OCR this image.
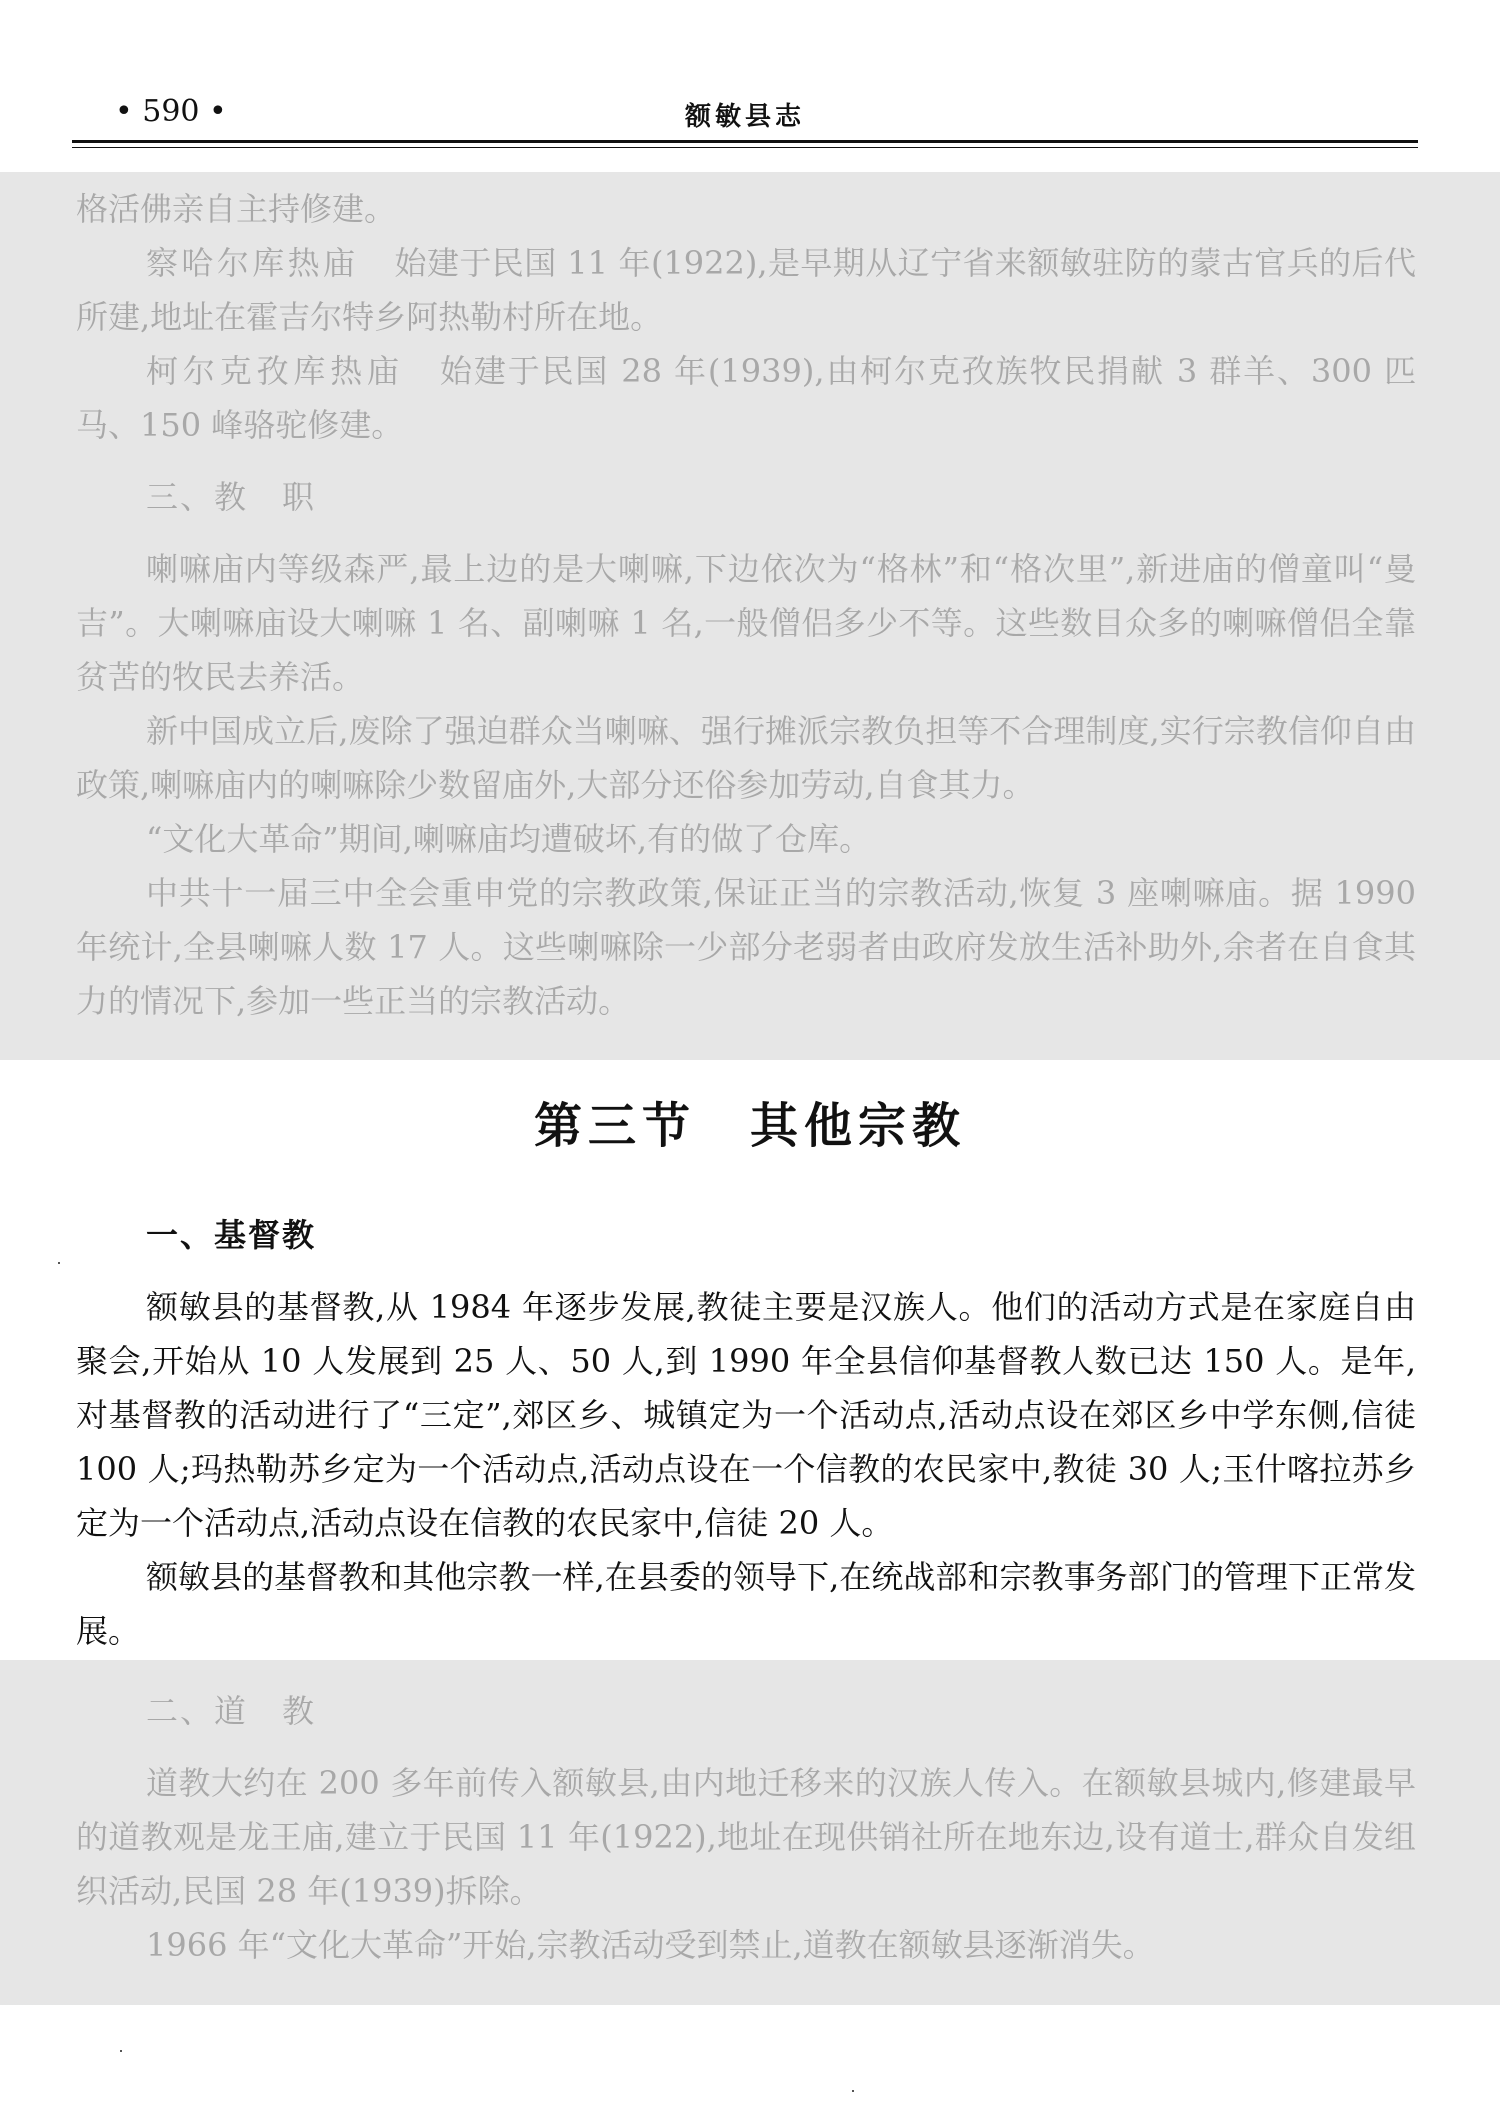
• 590 •	额敏县志

格活佛亲自主持修建。

察哈尔库热庙 始建于民国 11 年(1922),是早期从辽宁省来额敏驻防的蒙古官兵的后代所建,地址在霍吉尔特乡阿热勒村所在地。

柯尔克孜库热庙 始建于民国 28 年(1939),由柯尔克孜族牧民捐献 3 群羊、300 匹马、150 峰骆驼修建。

三、教　职

喇嘛庙内等级森严,最上边的是大喇嘛,下边依次为“格林”和“格次里”,新进庙的僧童叫“曼吉”。大喇嘛庙设大喇嘛 1 名、副喇嘛 1 名,一般僧侣多少不等。这些数目众多的喇嘛僧侣全靠贫苦的牧民去养活。

新中国成立后,废除了强迫群众当喇嘛、强行摊派宗教负担等不合理制度,实行宗教信仰自由政策,喇嘛庙内的喇嘛除少数留庙外,大部分还俗参加劳动,自食其力。

“文化大革命”期间,喇嘛庙均遭破坏,有的做了仓库。

中共十一届三中全会重申党的宗教政策,保证正当的宗教活动,恢复 3 座喇嘛庙。据 1990 年统计,全县喇嘛人数 17 人。这些喇嘛除一少部分老弱者由政府发放生活补助外,余者在自食其力的情况下,参加一些正当的宗教活动。

第三节　其他宗教

一、基督教

额敏县的基督教,从 1984 年逐步发展,教徒主要是汉族人。他们的活动方式是在家庭自由聚会,开始从 10 人发展到 25 人、50 人,到 1990 年全县信仰基督教人数已达 150 人。是年,对基督教的活动进行了“三定”,郊区乡、城镇定为一个活动点,活动点设在郊区乡中学东侧,信徒 100 人;玛热勒苏乡定为一个活动点,活动点设在一个信教的农民家中,教徒 30 人;玉什喀拉苏乡定为一个活动点,活动点设在信教的农民家中,信徒 20 人。

额敏县的基督教和其他宗教一样,在县委的领导下,在统战部和宗教事务部门的管理下正常发展。

二、道　教

道教大约在 200 多年前传入额敏县,由内地迁移来的汉族人传入。在额敏县城内,修建最早的道教观是龙王庙,建立于民国 11 年(1922),地址在现供销社所在地东边,设有道士,群众自发组织活动,民国 28 年(1939)拆除。

1966 年“文化大革命”开始,宗教活动受到禁止,道教在额敏县逐渐消失。
